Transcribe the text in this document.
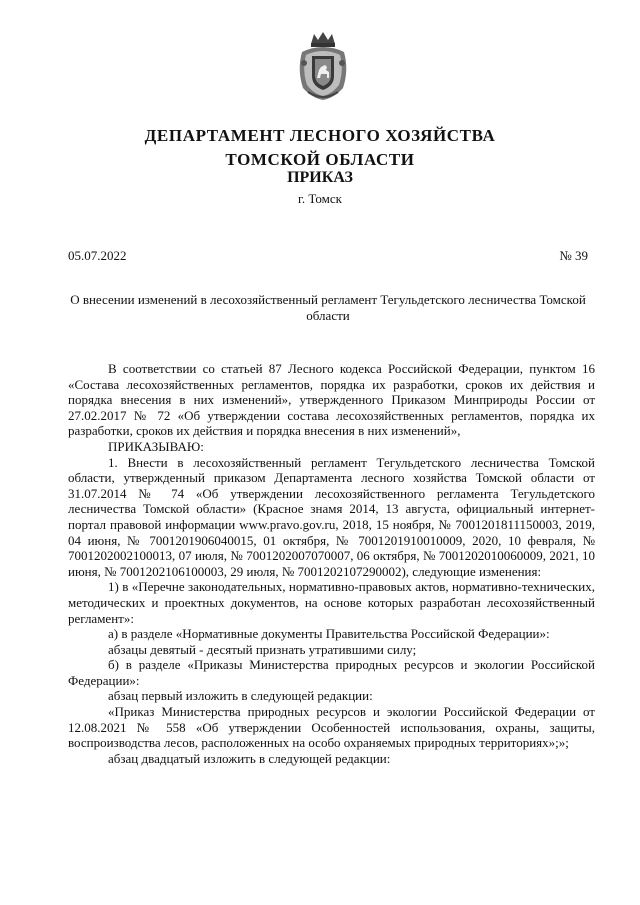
ДЕПАРТАМЕНТ ЛЕСНОГО ХОЗЯЙСТВА
ТОМСКОЙ ОБЛАСТИ
ПРИКАЗ
г. Томск
05.07.2022	№ 39
О внесении изменений в лесохозяйственный регламент Тегульдетского лесничества Томской области

В соответствии со статьей 87 Лесного кодекса Российской Федерации, пунктом 16 «Состава лесохозяйственных регламентов, порядка их разработки, сроков их действия и порядка внесения в них изменений», утвержденного Приказом Минприроды России от 27.02.2017 № 72 «Об утверждении состава лесохозяйственных регламентов, порядка их разработки, сроков их действия и порядка внесения в них изменений»,

ПРИКАЗЫВАЮ:

1. Внести в лесохозяйственный регламент Тегульдетского лесничества Томской области, утвержденный приказом Департамента лесного хозяйства Томской области от 31.07.2014 № 74 «Об утверждении лесохозяйственного регламента Тегульдетского лесничества Томской области» (Красное знамя 2014, 13 августа, официальный интернет-портал правовой информации www.pravo.gov.ru, 2018, 15 ноября, № 7001201811150003, 2019, 04 июня, № 7001201906040015, 01 октября, № 7001201910010009, 2020, 10 февраля, № 7001202002100013, 07 июля, № 7001202007070007, 06 октября, № 7001202010060009, 2021, 10 июня, № 7001202106100003, 29 июля, № 7001202107290002), следующие изменения:

1) в «Перечне законодательных, нормативно-правовых актов, нормативно-технических, методических и проектных документов, на основе которых разработан лесохозяйственный регламент»:

а) в разделе «Нормативные документы Правительства Российской Федерации»:

абзацы девятый - десятый признать утратившими силу;

б) в разделе «Приказы Министерства природных ресурсов и экологии Российской Федерации»:

абзац первый изложить в следующей редакции:

«Приказ Министерства природных ресурсов и экологии Российской Федерации от 12.08.2021 № 558 «Об утверждении Особенностей использования, охраны, защиты, воспроизводства лесов, расположенных на особо охраняемых природных территориях»;»;

абзац двадцатый изложить в следующей редакции:
